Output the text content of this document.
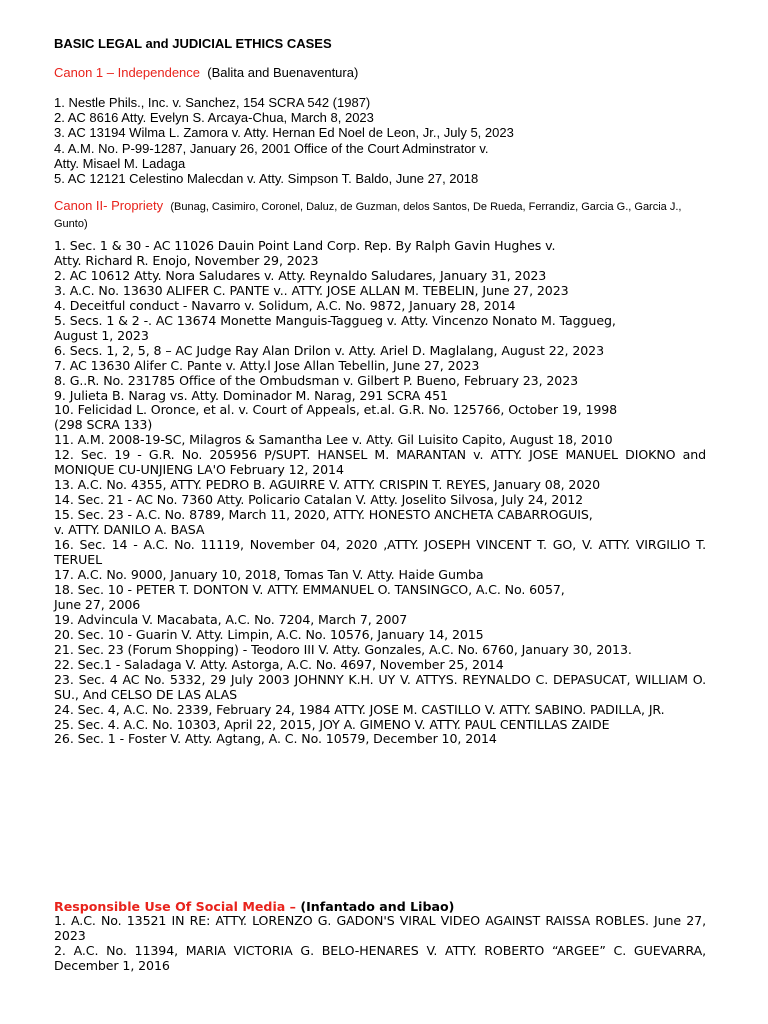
BASIC LEGAL and JUDICIAL ETHICS CASES
Canon 1 – Independence (Balita and Buenaventura)
1. Nestle Phils., Inc. v. Sanchez, 154 SCRA 542 (1987)
2. AC 8616 Atty. Evelyn S. Arcaya-Chua, March 8, 2023
3. AC 13194 Wilma L. Zamora v. Atty. Hernan Ed Noel de Leon, Jr., July 5, 2023
4. A.M. No. P-99-1287, January 26, 2001 Office of the Court Adminstrator v.
Atty. Misael M. Ladaga
5. AC 12121 Celestino Malecdan v. Atty. Simpson T. Baldo, June 27, 2018
Canon II- Propriety (Bunag, Casimiro, Coronel, Daluz, de Guzman, delos Santos, De Rueda, Ferrandiz, Garcia G., Garcia J., Gunto)
1. Sec. 1 & 30 - AC 11026 Dauin Point Land Corp. Rep. By Ralph Gavin Hughes v.
Atty. Richard R. Enojo, November 29, 2023
2. AC 10612 Atty. Nora Saludares v. Atty. Reynaldo Saludares, January 31, 2023
3. A.C. No. 13630 ALIFER C. PANTE v.. ATTY. JOSE ALLAN M. TEBELIN, June 27, 2023
4. Deceitful conduct - Navarro v. Solidum, A.C. No. 9872, January 28, 2014
5. Secs. 1 & 2 -. AC 13674 Monette Manguis-Taggueg v. Atty. Vincenzo Nonato M. Taggueg,
August 1, 2023
6. Secs. 1, 2, 5, 8 – AC Judge Ray Alan Drilon v. Atty. Ariel D. Maglalang, August 22, 2023
7. AC 13630 Alifer C. Pante v. Atty.l Jose Allan Tebellin, June 27, 2023
8. G..R. No. 231785 Office of the Ombudsman v. Gilbert P. Bueno, February 23, 2023
9. Julieta B. Narag vs. Atty. Dominador M. Narag, 291 SCRA 451
10. Felicidad L. Oronce, et al. v. Court of Appeals, et.al. G.R. No. 125766, October 19, 1998
(298 SCRA 133)
11. A.M. 2008-19-SC, Milagros & Samantha Lee v. Atty. Gil Luisito Capito, August 18, 2010
12. Sec. 19 - G.R. No. 205956 P/SUPT. HANSEL M. MARANTAN v. ATTY. JOSE MANUEL DIOKNO and MONIQUE CU-UNJIENG LA'O February 12, 2014
13. A.C. No. 4355, ATTY. PEDRO B. AGUIRRE V. ATTY. CRISPIN T. REYES, January 08, 2020
14. Sec. 21 - AC No. 7360 Atty. Policario Catalan V. Atty. Joselito Silvosa, July 24, 2012
15. Sec. 23 - A.C. No. 8789, March 11, 2020, ATTY. HONESTO ANCHETA CABARROGUIS,
v. ATTY. DANILO A. BASA
16. Sec. 14 - A.C. No. 11119, November 04, 2020 ,ATTY. JOSEPH VINCENT T. GO, V. ATTY. VIRGILIO T. TERUEL
17. A.C. No. 9000, January 10, 2018, Tomas Tan V. Atty. Haide Gumba
18. Sec. 10 - PETER T. DONTON V. ATTY. EMMANUEL O. TANSINGCO, A.C. No. 6057,
June 27, 2006
19. Advincula V. Macabata, A.C. No. 7204, March 7, 2007
20. Sec. 10 - Guarin V. Atty. Limpin, A.C. No. 10576, January 14, 2015
21. Sec. 23 (Forum Shopping) - Teodoro III V. Atty. Gonzales, A.C. No. 6760, January 30, 2013.
22. Sec.1 - Saladaga V. Atty. Astorga, A.C. No. 4697, November 25, 2014
23. Sec. 4 AC No. 5332, 29 July 2003 JOHNNY K.H. UY V. ATTYS. REYNALDO C. DEPASUCAT, WILLIAM O. SU., And CELSO DE LAS ALAS
24. Sec. 4, A.C. No. 2339, February 24, 1984 ATTY. JOSE M. CASTILLO V. ATTY. SABINO. PADILLA, JR.
25. Sec. 4. A.C. No. 10303, April 22, 2015, JOY A. GIMENO V. ATTY. PAUL CENTILLAS ZAIDE
26. Sec. 1 - Foster V. Atty. Agtang, A. C. No. 10579, December 10, 2014
Responsible Use Of Social Media – (Infantado and Libao)
1. A.C. No. 13521 IN RE: ATTY. LORENZO G. GADON'S VIRAL VIDEO AGAINST RAISSA ROBLES. June 27, 2023
2. A.C. No. 11394, MARIA VICTORIA G. BELO-HENARES V. ATTY. ROBERTO “ARGEE” C. GUEVARRA, December 1, 2016
